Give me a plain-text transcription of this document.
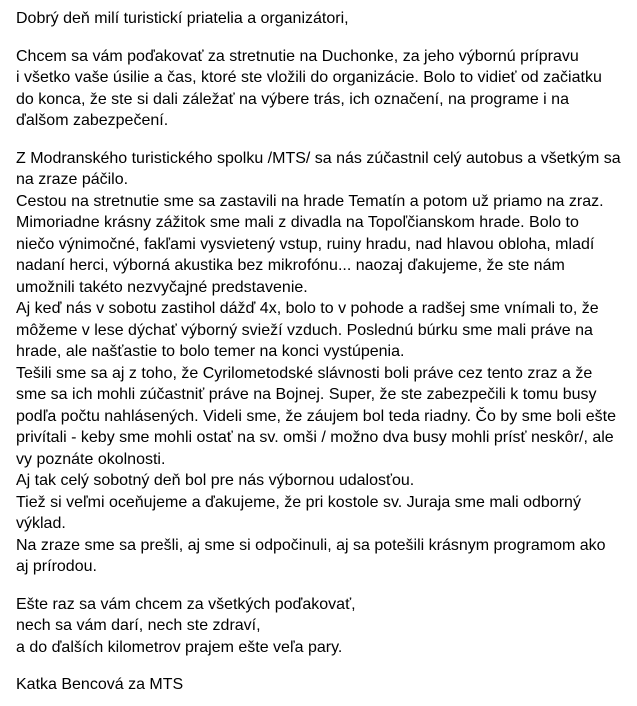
Dobrý deň milí turistickí priatelia a organizátori,
Chcem sa vám poďakovať za stretnutie na Duchonke, za jeho výbornú prípravu
i všetko vaše úsilie a čas, ktoré ste vložili do organizácie. Bolo to vidieť od začiatku
do konca, že ste si dali záležať na výbere trás, ich označení, na programe i na
ďalšom zabezpečení.
Z Modranského turistického spolku /MTS/ sa nás zúčastnil celý autobus a všetkým sa
na zraze páčilo.
Cestou na stretnutie sme sa zastavili na hrade Tematín a potom už priamo na zraz.
Mimoriadne krásny zážitok sme mali z divadla na Topoľčianskom hrade. Bolo to
niečo výnimočné, fakľami vysvietený vstup, ruiny hradu, nad hlavou obloha, mladí
nadaní herci, výborná akustika bez mikrofónu... naozaj ďakujeme, že ste nám
umožnili takéto nezvyčajné predstavenie.
Aj keď nás v sobotu zastihol dážď 4x, bolo to v pohode a radšej sme vnímali to, že
môžeme v lese dýchať výborný svieží vzduch. Poslednú búrku sme mali práve na
hrade, ale našťastie to bolo temer na konci vystúpenia.
Tešili sme sa aj z toho, že Cyrilometodské slávnosti boli práve cez tento zraz a že
sme sa ich mohli zúčastniť práve na Bojnej. Super, že ste zabezpečili k tomu busy
podľa počtu nahlásených. Videli sme, že záujem bol teda riadny. Čo by sme boli ešte
privítali - keby sme mohli ostať na sv. omši / možno dva busy mohli prísť neskôr/, ale
vy poznáte okolnosti.
Aj tak celý sobotný deň bol pre nás výbornou udalosťou.
Tiež si veľmi oceňujeme a ďakujeme, že pri kostole sv. Juraja sme mali odborný
výklad.
Na zraze sme sa prešli, aj sme si odpočinuli, aj sa potešili krásnym programom ako
aj prírodou.
Ešte raz sa vám chcem za všetkých poďakovať,
nech sa vám darí, nech ste zdraví,
a do ďalších kilometrov prajem ešte veľa pary.
Katka Bencová za MTS
